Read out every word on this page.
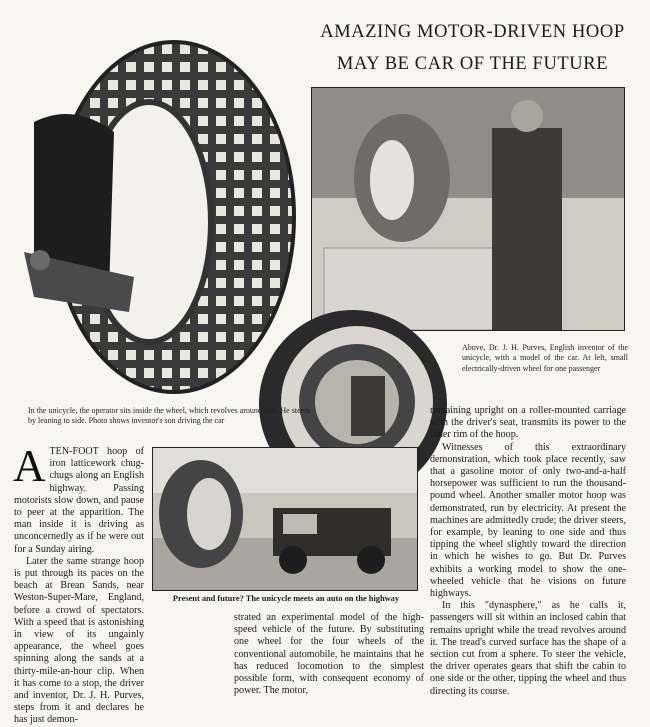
AMAZING MOTOR-DRIVEN HOOP
MAY BE CAR OF THE FUTURE
Above, Dr. J. H. Purves, English inventor of the unicycle, with a model of the car. At left, small electrically-driven wheel for one passenger
In the unicycle, the operator sits inside the wheel, which revolves around him. He steers by leaning to side. Photo shows inventor's son driving the car
Present and future? The unicycle meets an auto on the highway

A TEN-FOOT hoop of iron latticework chug-chugs along an English highway. Passing motorists slow down, and pause to peer at the apparition. The man inside it is driving as unconcernedly as if he were out for a Sunday airing.

Later the same strange hoop is put through its paces on the beach at Brean Sands, near Weston-Super-Mare, England, before a crowd of spectators. With a speed that is astonishing in view of its ungainly appearance, the wheel goes spinning along the sands at a thirty-mile-an-hour clip. When it has come to a stop, the driver and inventor, Dr. J. H. Purves, steps from it and declares he has just demon-

strated an experimental model of the high-speed vehicle of the future. By substituting one wheel for the four wheels of the conventional automobile, he maintains that he has reduced locomotion to the simplest possible form, with consequent economy of power. The motor,

remaining upright on a roller-mounted carriage with the driver's seat, transmits its power to the inner rim of the hoop.

Witnesses of this extraordinary demonstration, which took place recently, saw that a gasoline motor of only two-and-a-half horsepower was sufficient to run the thousand-pound wheel. Another smaller motor hoop was demonstrated, run by electricity. At present the machines are admittedly crude; the driver steers, for example, by leaning to one side and thus tipping the wheel slightly toward the direction in which he wishes to go. But Dr. Purves exhibits a working model to show the one-wheeled vehicle that he visions on future highways.

In this "dynasphere," as he calls it, passengers will sit within an inclosed cabin that remains upright while the tread revolves around it. The tread's curved surface has the shape of a section cut from a sphere. To steer the vehicle, the driver operates gears that shift the cabin to one side or the other, tipping the wheel and thus directing its course.
